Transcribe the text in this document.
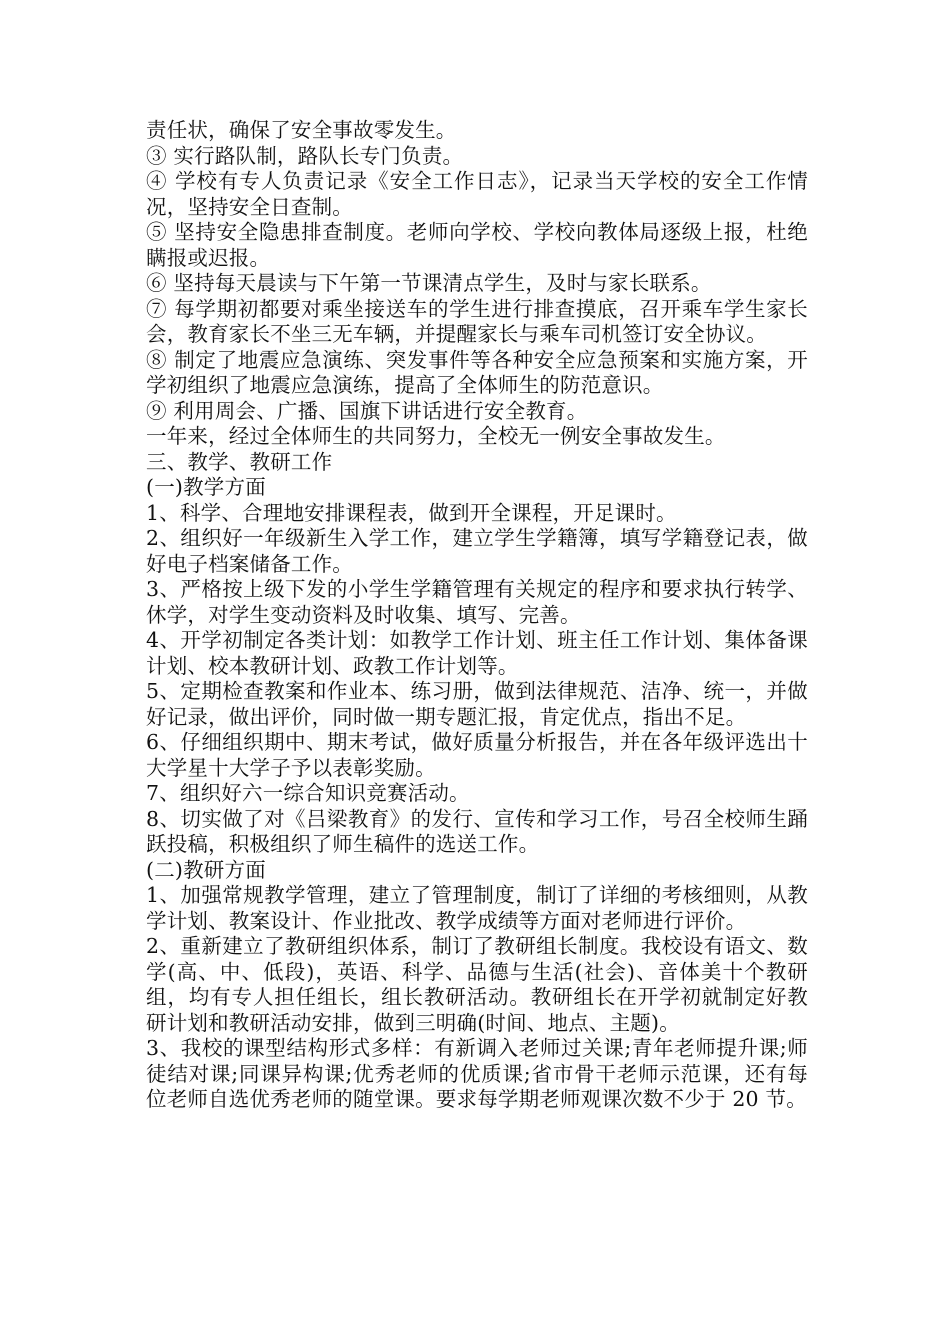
责任状，确保了安全事故零发生。

③ 实行路队制，路队长专门负责。

④ 学校有专人负责记录《安全工作日志》，记录当天学校的安全工作情况，坚持安全日查制。

⑤ 坚持安全隐患排查制度。老师向学校、学校向教体局逐级上报，杜绝瞒报或迟报。

⑥ 坚持每天晨读与下午第一节课清点学生，及时与家长联系。

⑦ 每学期初都要对乘坐接送车的学生进行排查摸底，召开乘车学生家长会，教育家长不坐三无车辆，并提醒家长与乘车司机签订安全协议。

⑧ 制定了地震应急演练、突发事件等各种安全应急预案和实施方案，开学初组织了地震应急演练，提高了全体师生的防范意识。

⑨ 利用周会、广播、国旗下讲话进行安全教育。

一年来，经过全体师生的共同努力，全校无一例安全事故发生。

三、教学、教研工作

(一)教学方面

1、科学、合理地安排课程表，做到开全课程，开足课时。

2、组织好一年级新生入学工作，建立学生学籍簿，填写学籍登记表，做好电子档案储备工作。

3、严格按上级下发的小学生学籍管理有关规定的程序和要求执行转学、休学，对学生变动资料及时收集、填写、完善。

4、开学初制定各类计划：如教学工作计划、班主任工作计划、集体备课计划、校本教研计划、政教工作计划等。

5、定期检查教案和作业本、练习册，做到法律规范、洁净、统一，并做好记录，做出评价，同时做一期专题汇报，肯定优点，指出不足。

6、仔细组织期中、期末考试，做好质量分析报告，并在各年级评选出十大学星十大学子予以表彰奖励。

7、组织好六一综合知识竞赛活动。

8、切实做了对《吕梁教育》的发行、宣传和学习工作，号召全校师生踊跃投稿，积极组织了师生稿件的选送工作。

(二)教研方面

1、加强常规教学管理，建立了管理制度，制订了详细的考核细则，从教学计划、教案设计、作业批改、教学成绩等方面对老师进行评价。

2、重新建立了教研组织体系，制订了教研组长制度。我校设有语文、数学(高、中、低段)，英语、科学、品德与生活(社会)、音体美十个教研组，均有专人担任组长，组长教研活动。教研组长在开学初就制定好教研计划和教研活动安排，做到三明确(时间、地点、主题)。

3、我校的课型结构形式多样：有新调入老师过关课;青年老师提升课;师徒结对课;同课异构课;优秀老师的优质课;省市骨干老师示范课，还有每位老师自选优秀老师的随堂课。要求每学期老师观课次数不少于 20 节。
